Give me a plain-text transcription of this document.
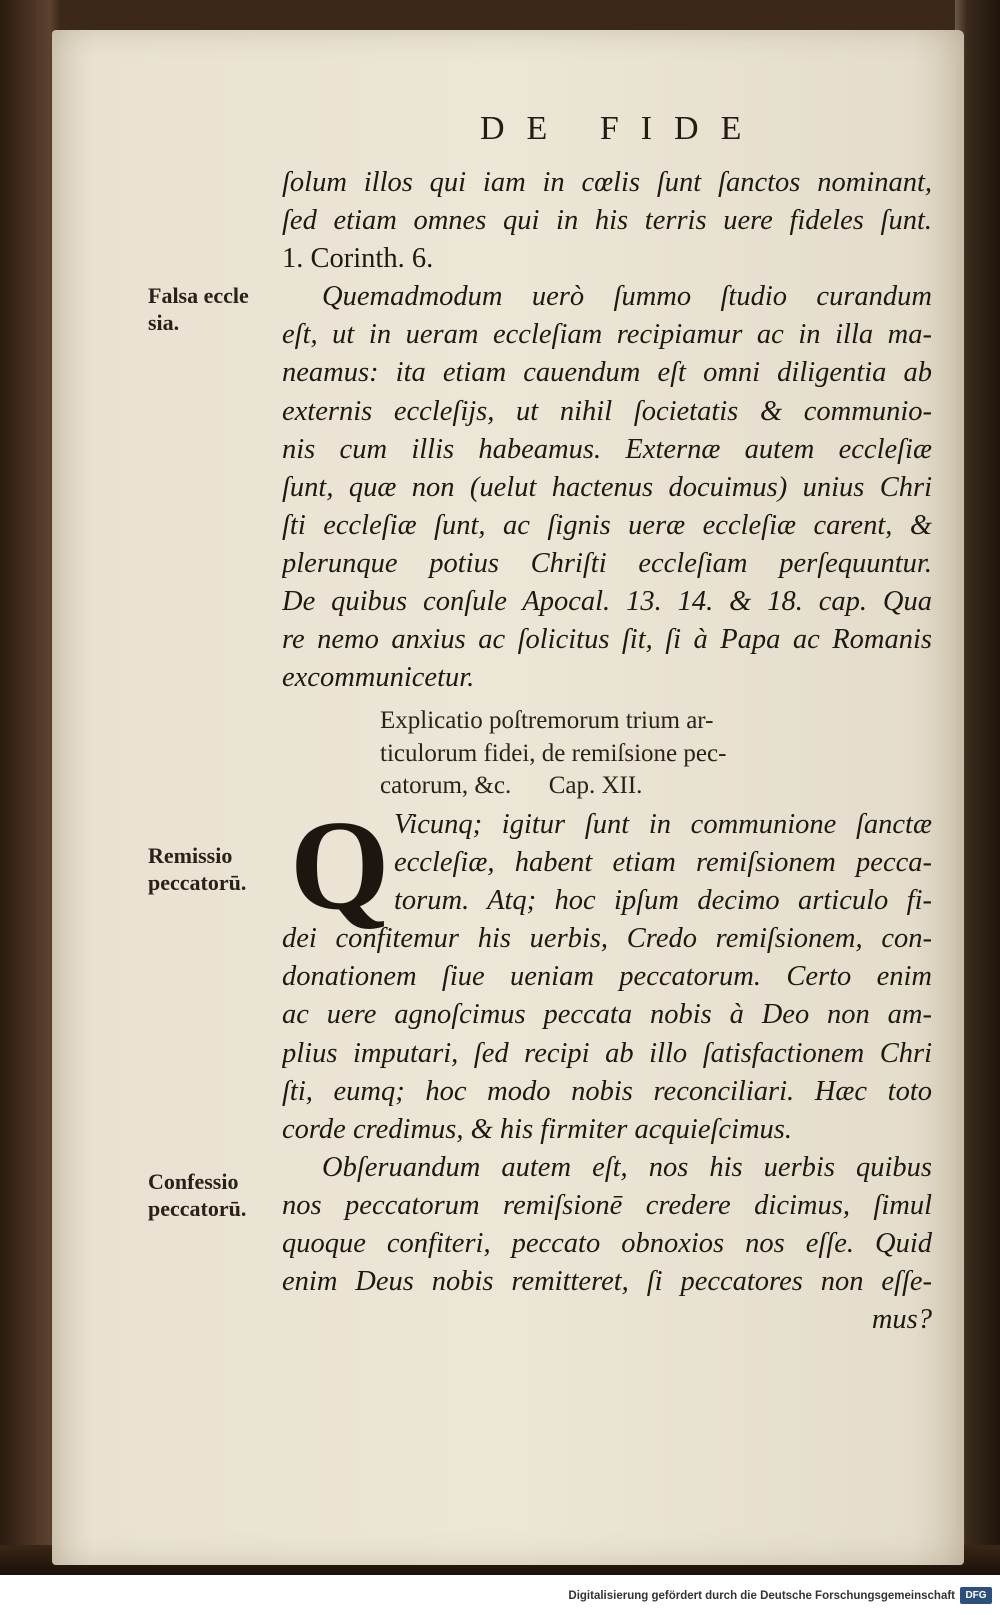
DE FIDE
Falsa eccle sia.
Remissio peccatorū.
Confessio peccatorū.
ſolum illos qui iam in cœlis ſunt ſanctos nominant,
ſed etiam omnes qui in his terris uere fideles ſunt.
1. Corinth. 6.
Quemadmodum uerò ſummo ſtudio curandum
eſt, ut in ueram eccleſiam recipiamur ac in illa ma-
neamus: ita etiam cauendum eſt omni diligentia ab
externis eccleſijs, ut nihil ſocietatis & communio-
nis cum illis habeamus. Externæ autem eccleſiæ
ſunt, quæ non (uelut hactenus docuimus) unius Chri
ſti eccleſiæ ſunt, ac ſignis ueræ eccleſiæ carent, &
plerunque potius Chriſti eccleſiam perſequuntur.
De quibus conſule Apocal. 13. 14. & 18. cap. Qua
re nemo anxius ac ſolicitus ſit, ſi à Papa ac Romanis
excommunicetur.
Explicatio poſtremorum trium ar-
ticulorum fidei, de remiſsione pec-
catorum, &c.      Cap. XII.
Q Vicunq; igitur ſunt in communione ſanctæ
eccleſiæ, habent etiam remiſsionem pecca-
torum. Atq; hoc ipſum decimo articulo fi-
dei confitemur his uerbis, Credo remiſsionem, con-
donationem ſiue ueniam peccatorum. Certo enim
ac uere agnoſcimus peccata nobis à Deo non am-
plius imputari, ſed recipi ab illo ſatisfactionem Chri
ſti, eumq; hoc modo nobis reconciliari. Hæc toto
corde credimus, & his firmiter acquieſcimus.
Obſeruandum autem eſt, nos his uerbis quibus
nos peccatorum remiſsionē credere dicimus, ſimul
quoque confiteri, peccato obnoxios nos eſſe. Quid
enim Deus nobis remitteret, ſi peccatores non eſſe-
mus?
Digitalisierung gefördert durch die Deutsche Forschungsgemeinschaft	DFG
